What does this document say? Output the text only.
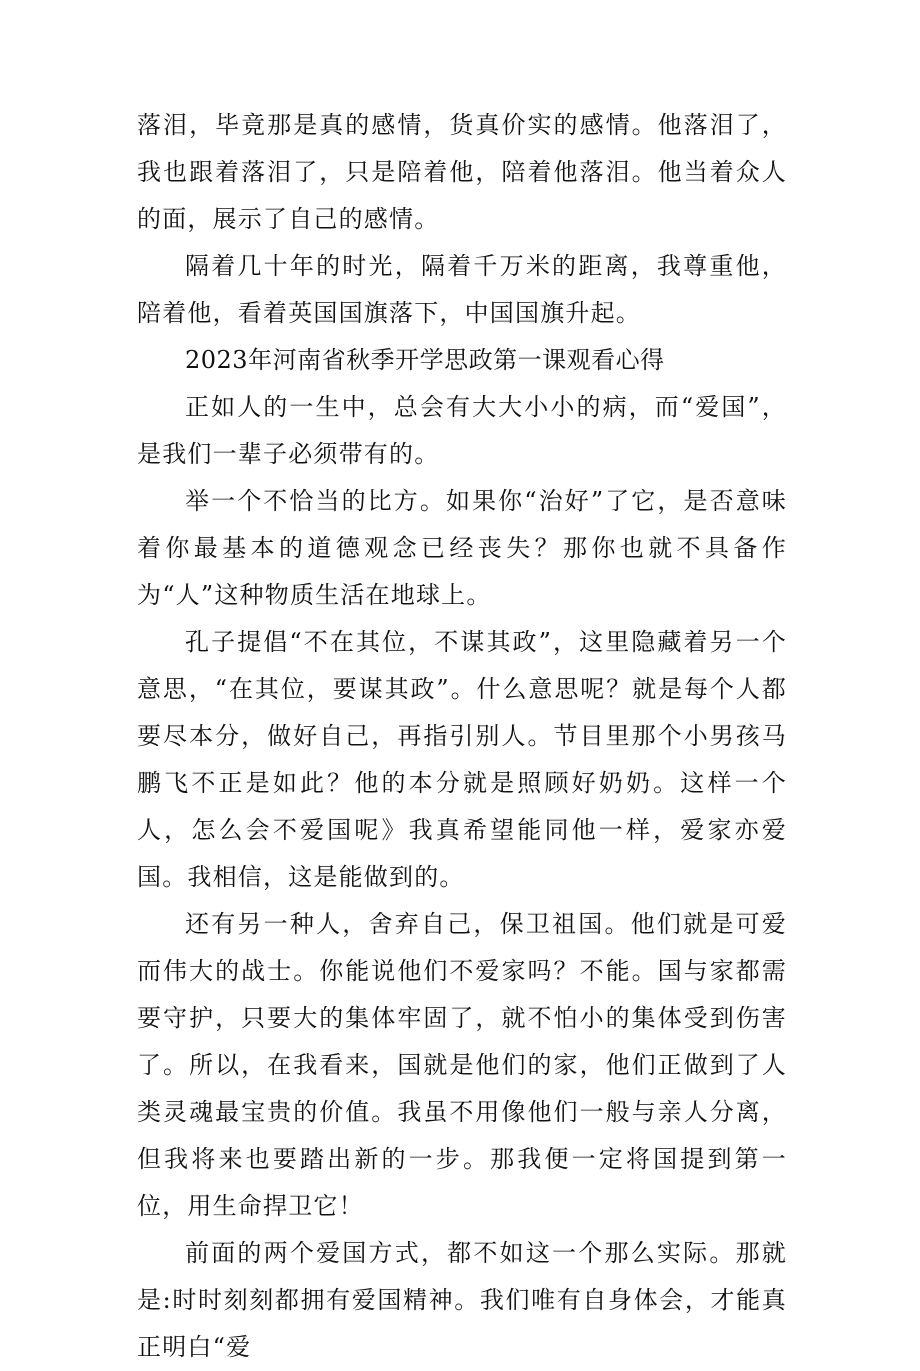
落泪，毕竟那是真的感情，货真价实的感情。他落泪了，我也跟着落泪了，只是陪着他，陪着他落泪。他当着众人的面，展示了自己的感情。

隔着几十年的时光，隔着千万米的距离，我尊重他，陪着他，看着英国国旗落下，中国国旗升起。

2023年河南省秋季开学思政第一课观看心得

正如人的一生中，总会有大大小小的病，而“爱国”，是我们一辈子必须带有的。

举一个不恰当的比方。如果你“治好”了它，是否意味着你最基本的道德观念已经丧失？那你也就不具备作为“人”这种物质生活在地球上。

孔子提倡“不在其位，不谋其政”，这里隐藏着另一个意思，“在其位，要谋其政”。什么意思呢？就是每个人都要尽本分，做好自己，再指引别人。节目里那个小男孩马鹏飞不正是如此？他的本分就是照顾好奶奶。这样一个人，怎么会不爱国呢》我真希望能同他一样，爱家亦爱国。我相信，这是能做到的。

还有另一种人，舍弃自己，保卫祖国。他们就是可爱而伟大的战士。你能说他们不爱家吗？不能。国与家都需要守护，只要大的集体牢固了，就不怕小的集体受到伤害了。所以，在我看来，国就是他们的家，他们正做到了人类灵魂最宝贵的价值。我虽不用像他们一般与亲人分离，但我将来也要踏出新的一步。那我便一定将国提到第一位，用生命捍卫它！

前面的两个爱国方式，都不如这一个那么实际。那就是:时时刻刻都拥有爱国精神。我们唯有自身体会，才能真正明白“爱
